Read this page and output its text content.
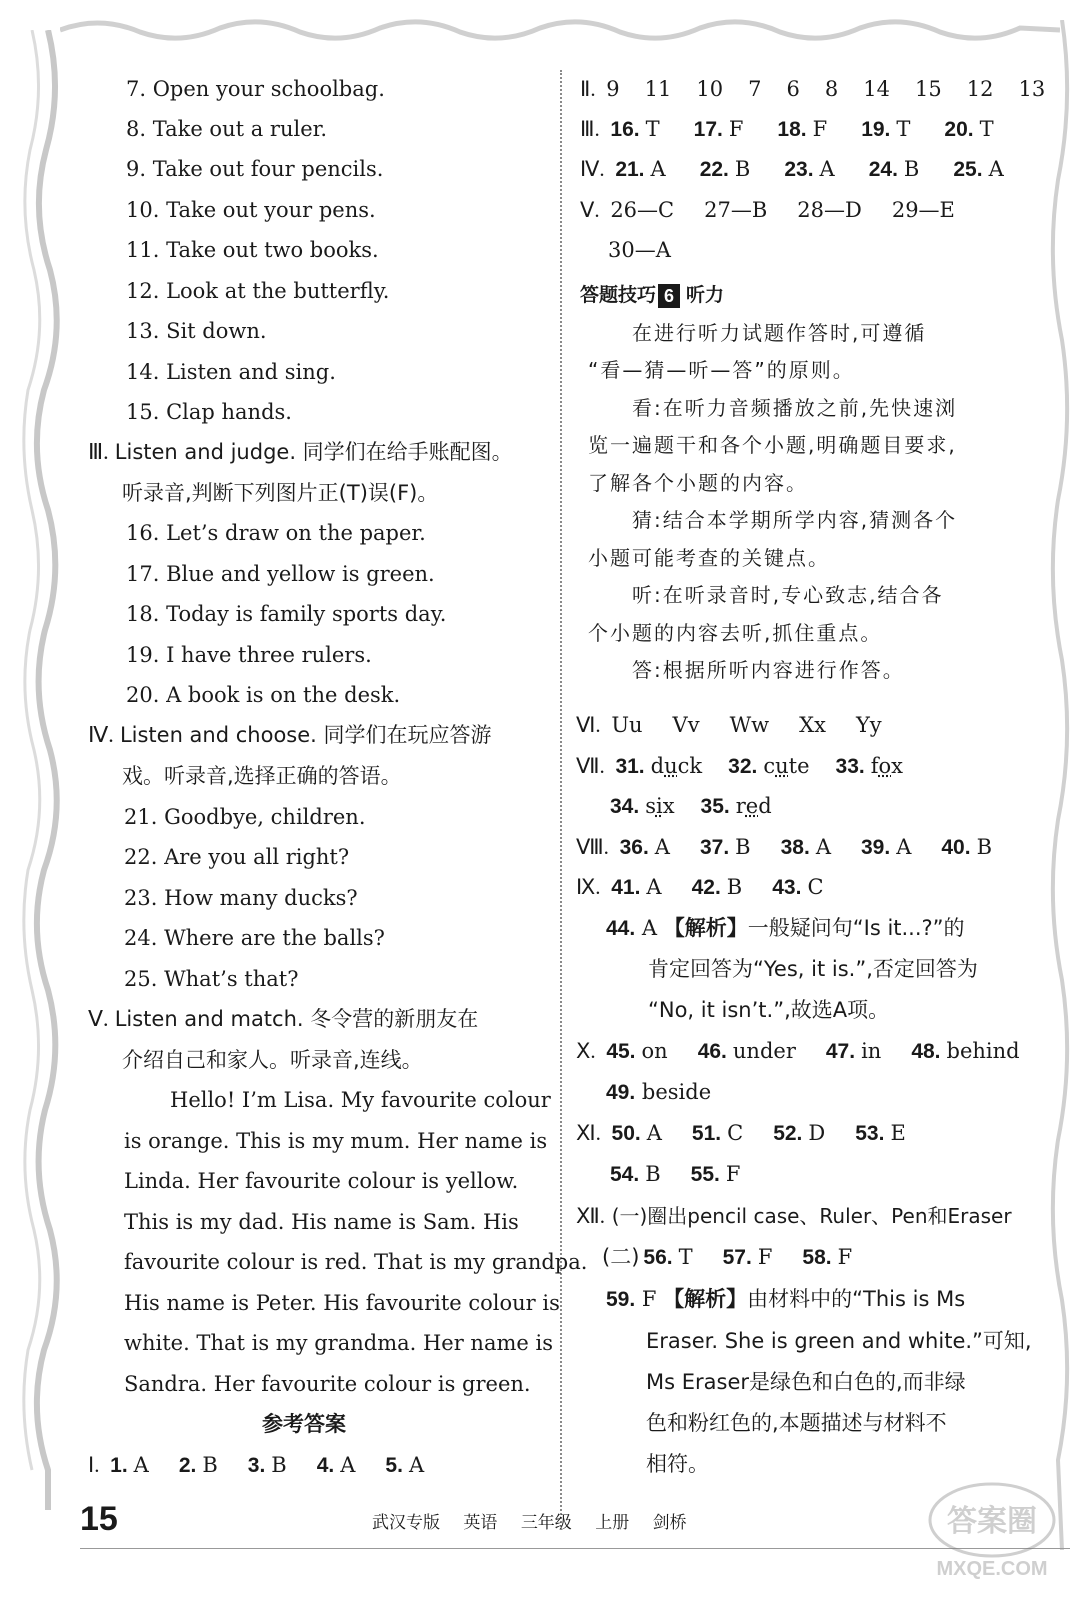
7. Open your schoolbag.
8. Take out a ruler.
9. Take out four pencils.
10. Take out your pens.
11. Take out two books.
12. Look at the butterfly.
13. Sit down.
14. Listen and sing.
15. Clap hands.
Ⅲ. Listen and judge. 同学们在给手账配图。
听录音,判断下列图片正(T)误(F)。
16. Let’s draw on the paper.
17. Blue and yellow is green.
18. Today is family sports day.
19. I have three rulers.
20. A book is on the desk.
Ⅳ. Listen and choose. 同学们在玩应答游
戏。听录音,选择正确的答语。
21. Goodbye, children.
22. Are you all right?
23. How many ducks?
24. Where are the balls?
25. What’s that?
Ⅴ. Listen and match. 冬令营的新朋友在
介绍自己和家人。听录音,连线。
Hello! I’m Lisa. My favourite colour
is orange. This is my mum. Her name is
Linda. Her favourite colour is yellow.
This is my dad. His name is Sam. His
favourite colour is red. That is my grandpa.
His name is Peter. His favourite colour is
white. That is my grandma. Her name is
Sandra. Her favourite colour is green.
参考答案
Ⅰ. 1. A 2. B 3. B 4. A 5. A
Ⅱ. 9 11 10 7 6 8 14 15 12 13
Ⅲ. 16. T 17. F 18. F 19. T 20. T
Ⅳ. 21. A 22. B 23. A 24. B 25. A
Ⅴ. 26—C 27—B 28—D 29—E
30—A
答题技巧 6 听力
在进行听力试题作答时,可遵循
“看—猜—听—答”的原则。
看:在听力音频播放之前,先快速浏
览一遍题干和各个小题,明确题目要求,
了解各个小题的内容。
猜:结合本学期所学内容,猜测各个
小题可能考查的关键点。
听:在听录音时,专心致志,结合各
个小题的内容去听,抓住重点。
答:根据所听内容进行作答。
Ⅵ. Uu Vv Ww Xx Yy
Ⅶ. 31. duck 32. cute 33. fox
34. six 35. red
Ⅷ. 36. A 37. B 38. A 39. A 40. B
Ⅸ. 41. A 42. B 43. C
44. A 【解析】一般疑问句“Is it...?”的
肯定回答为“Yes, it is.”,否定回答为
“No, it isn’t.”,故选A项。
Ⅹ. 45. on 46. under 47. in 48. behind
49. beside
Ⅺ. 50. A 51. C 52. D 53. E
54. B 55. F
Ⅻ. (一)圈出pencil case、Ruler、Pen和Eraser
(二) 56. T 57. F 58. F
59. F 【解析】由材料中的“This is Ms
Eraser. She is green and white.”可知,
Ms Eraser是绿色和白色的,而非绿
色和粉红色的,本题描述与材料不
相符。
15	武汉专版 英语 三年级 上册 剑桥	答案圈
MXQE.COM
